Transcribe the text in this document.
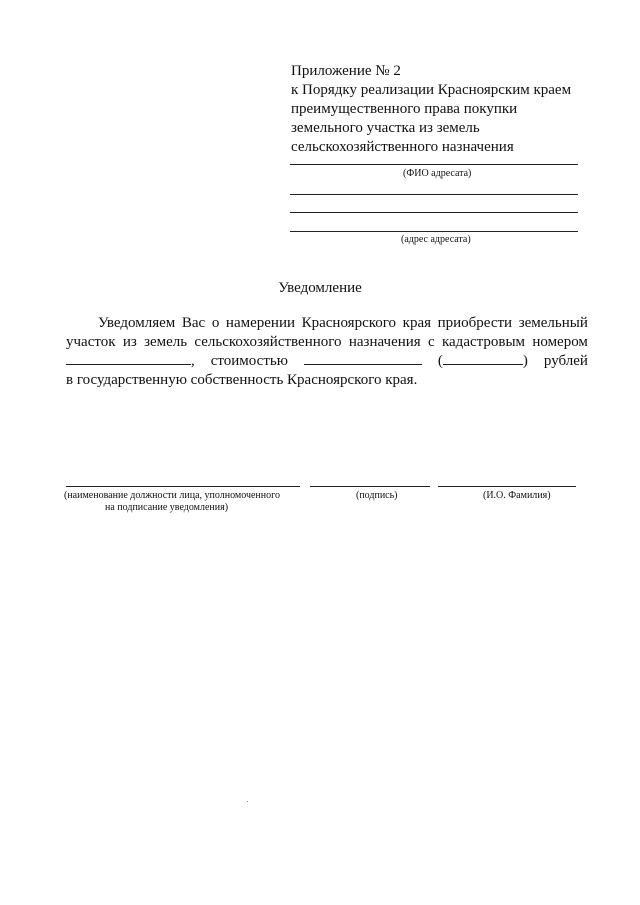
Приложение № 2
к Порядку реализации Красноярским краем
преимущественного права покупки
земельного участка из земель
сельскохозяйственного назначения
(ФИО адресата)
(адрес адресата)
Уведомление
Уведомляем Вас о намерении Красноярского края приобрести земельный
участок из земель сельскохозяйственного назначения с кадастровым номером
, стоимостью	(	) рублей
в государственную собственность Красноярского края.
(наименование должности лица, уполномоченного
на подписание уведомления)
(подпись)	(И.О. Фамилия)
